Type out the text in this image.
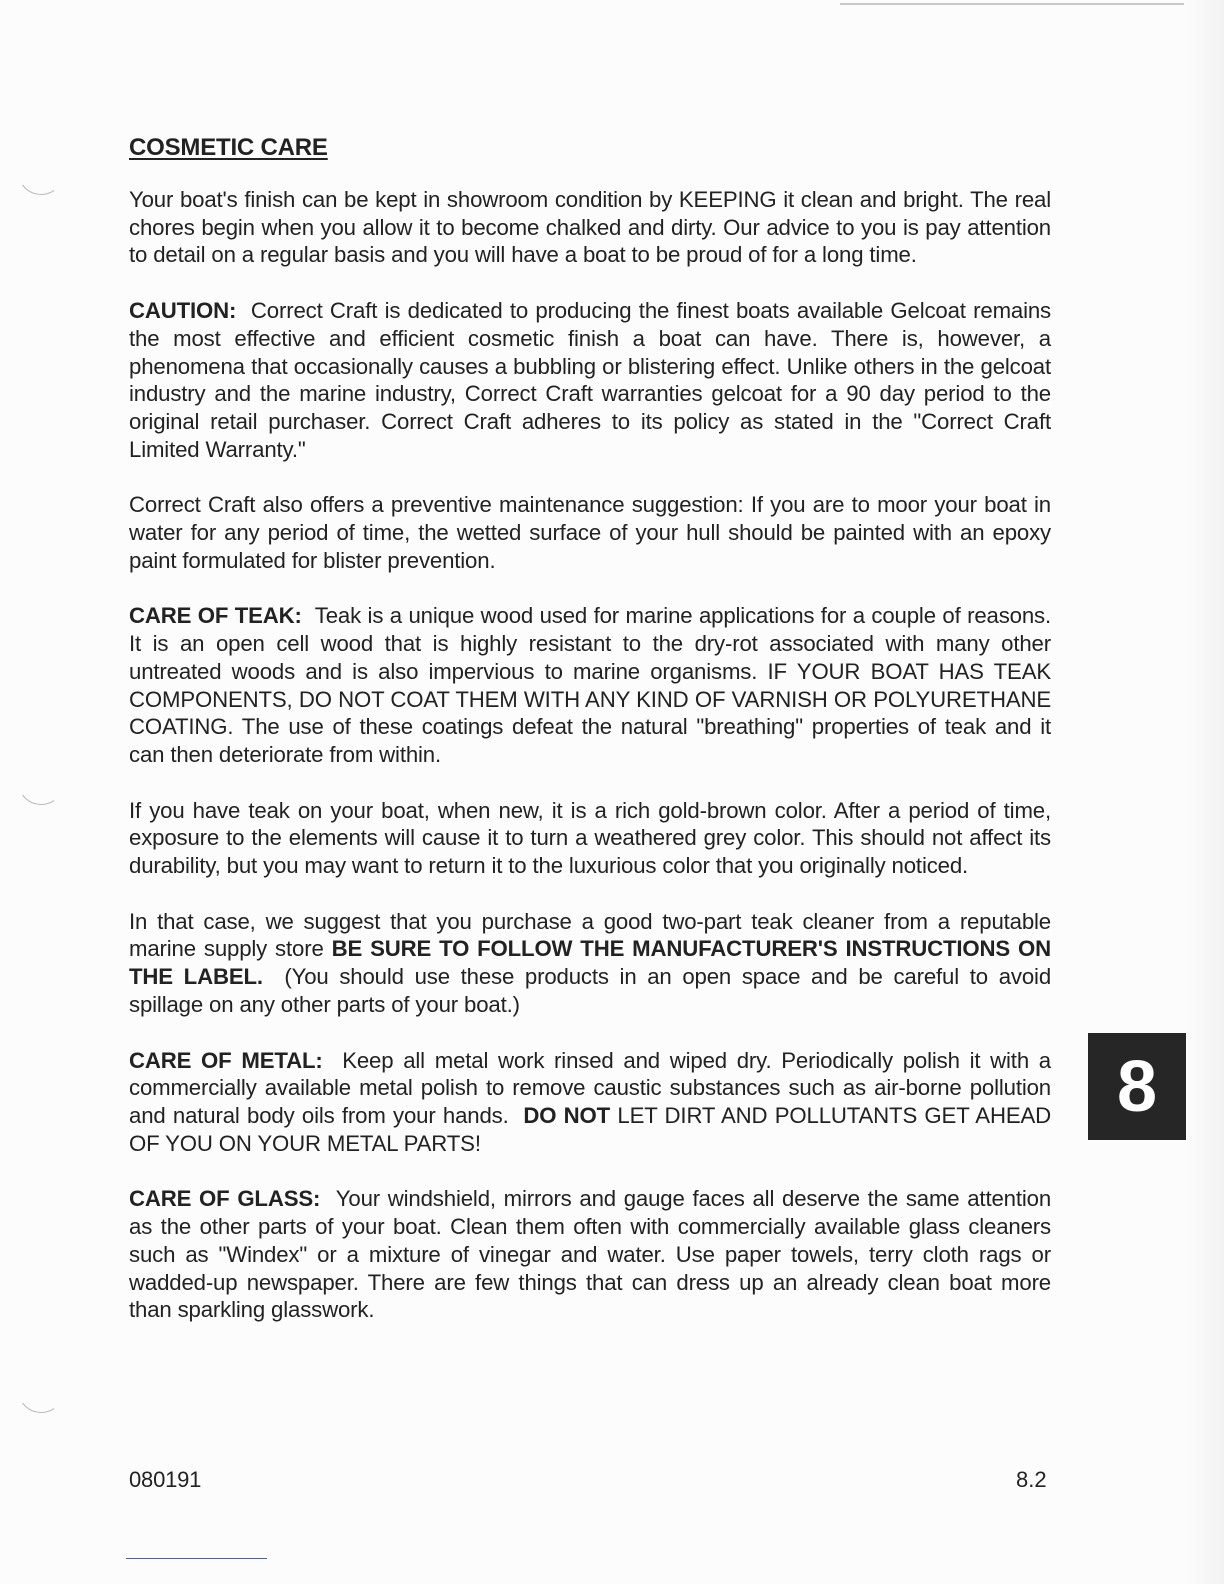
COSMETIC CARE

Your boat's finish can be kept in showroom condition by KEEPING it clean and bright. The real chores begin when you allow it to become chalked and dirty. Our advice to you is pay attention to detail on a regular basis and you will have a boat to be proud of for a long time.

CAUTION: Correct Craft is dedicated to producing the finest boats available Gelcoat remains the most effective and efficient cosmetic finish a boat can have. There is, however, a phenomena that occasionally causes a bubbling or blistering effect. Unlike others in the gelcoat industry and the marine industry, Correct Craft warranties gelcoat for a 90 day period to the original retail purchaser. Correct Craft adheres to its policy as stated in the "Correct Craft Limited Warranty."

Correct Craft also offers a preventive maintenance suggestion: If you are to moor your boat in water for any period of time, the wetted surface of your hull should be painted with an epoxy paint formulated for blister prevention.

CARE OF TEAK: Teak is a unique wood used for marine applications for a couple of reasons. It is an open cell wood that is highly resistant to the dry-rot associated with many other untreated woods and is also impervious to marine organisms. IF YOUR BOAT HAS TEAK COMPONENTS, DO NOT COAT THEM WITH ANY KIND OF VARNISH OR POLYURETHANE COATING. The use of these coatings defeat the natural "breathing" properties of teak and it can then deteriorate from within.

If you have teak on your boat, when new, it is a rich gold-brown color. After a period of time, exposure to the elements will cause it to turn a weathered grey color. This should not affect its durability, but you may want to return it to the luxurious color that you originally noticed.

In that case, we suggest that you purchase a good two-part teak cleaner from a reputable marine supply store BE SURE TO FOLLOW THE MANUFACTURER'S INSTRUCTIONS ON THE LABEL. (You should use these products in an open space and be careful to avoid spillage on any other parts of your boat.)

CARE OF METAL: Keep all metal work rinsed and wiped dry. Periodically polish it with a commercially available metal polish to remove caustic substances such as air-borne pollution and natural body oils from your hands. DO NOT LET DIRT AND POLLUTANTS GET AHEAD OF YOU ON YOUR METAL PARTS!

CARE OF GLASS: Your windshield, mirrors and gauge faces all deserve the same attention as the other parts of your boat. Clean them often with commercially available glass cleaners such as "Windex" or a mixture of vinegar and water. Use paper towels, terry cloth rags or wadded-up newspaper. There are few things that can dress up an already clean boat more than sparkling glasswork.

8
080191	8.2
